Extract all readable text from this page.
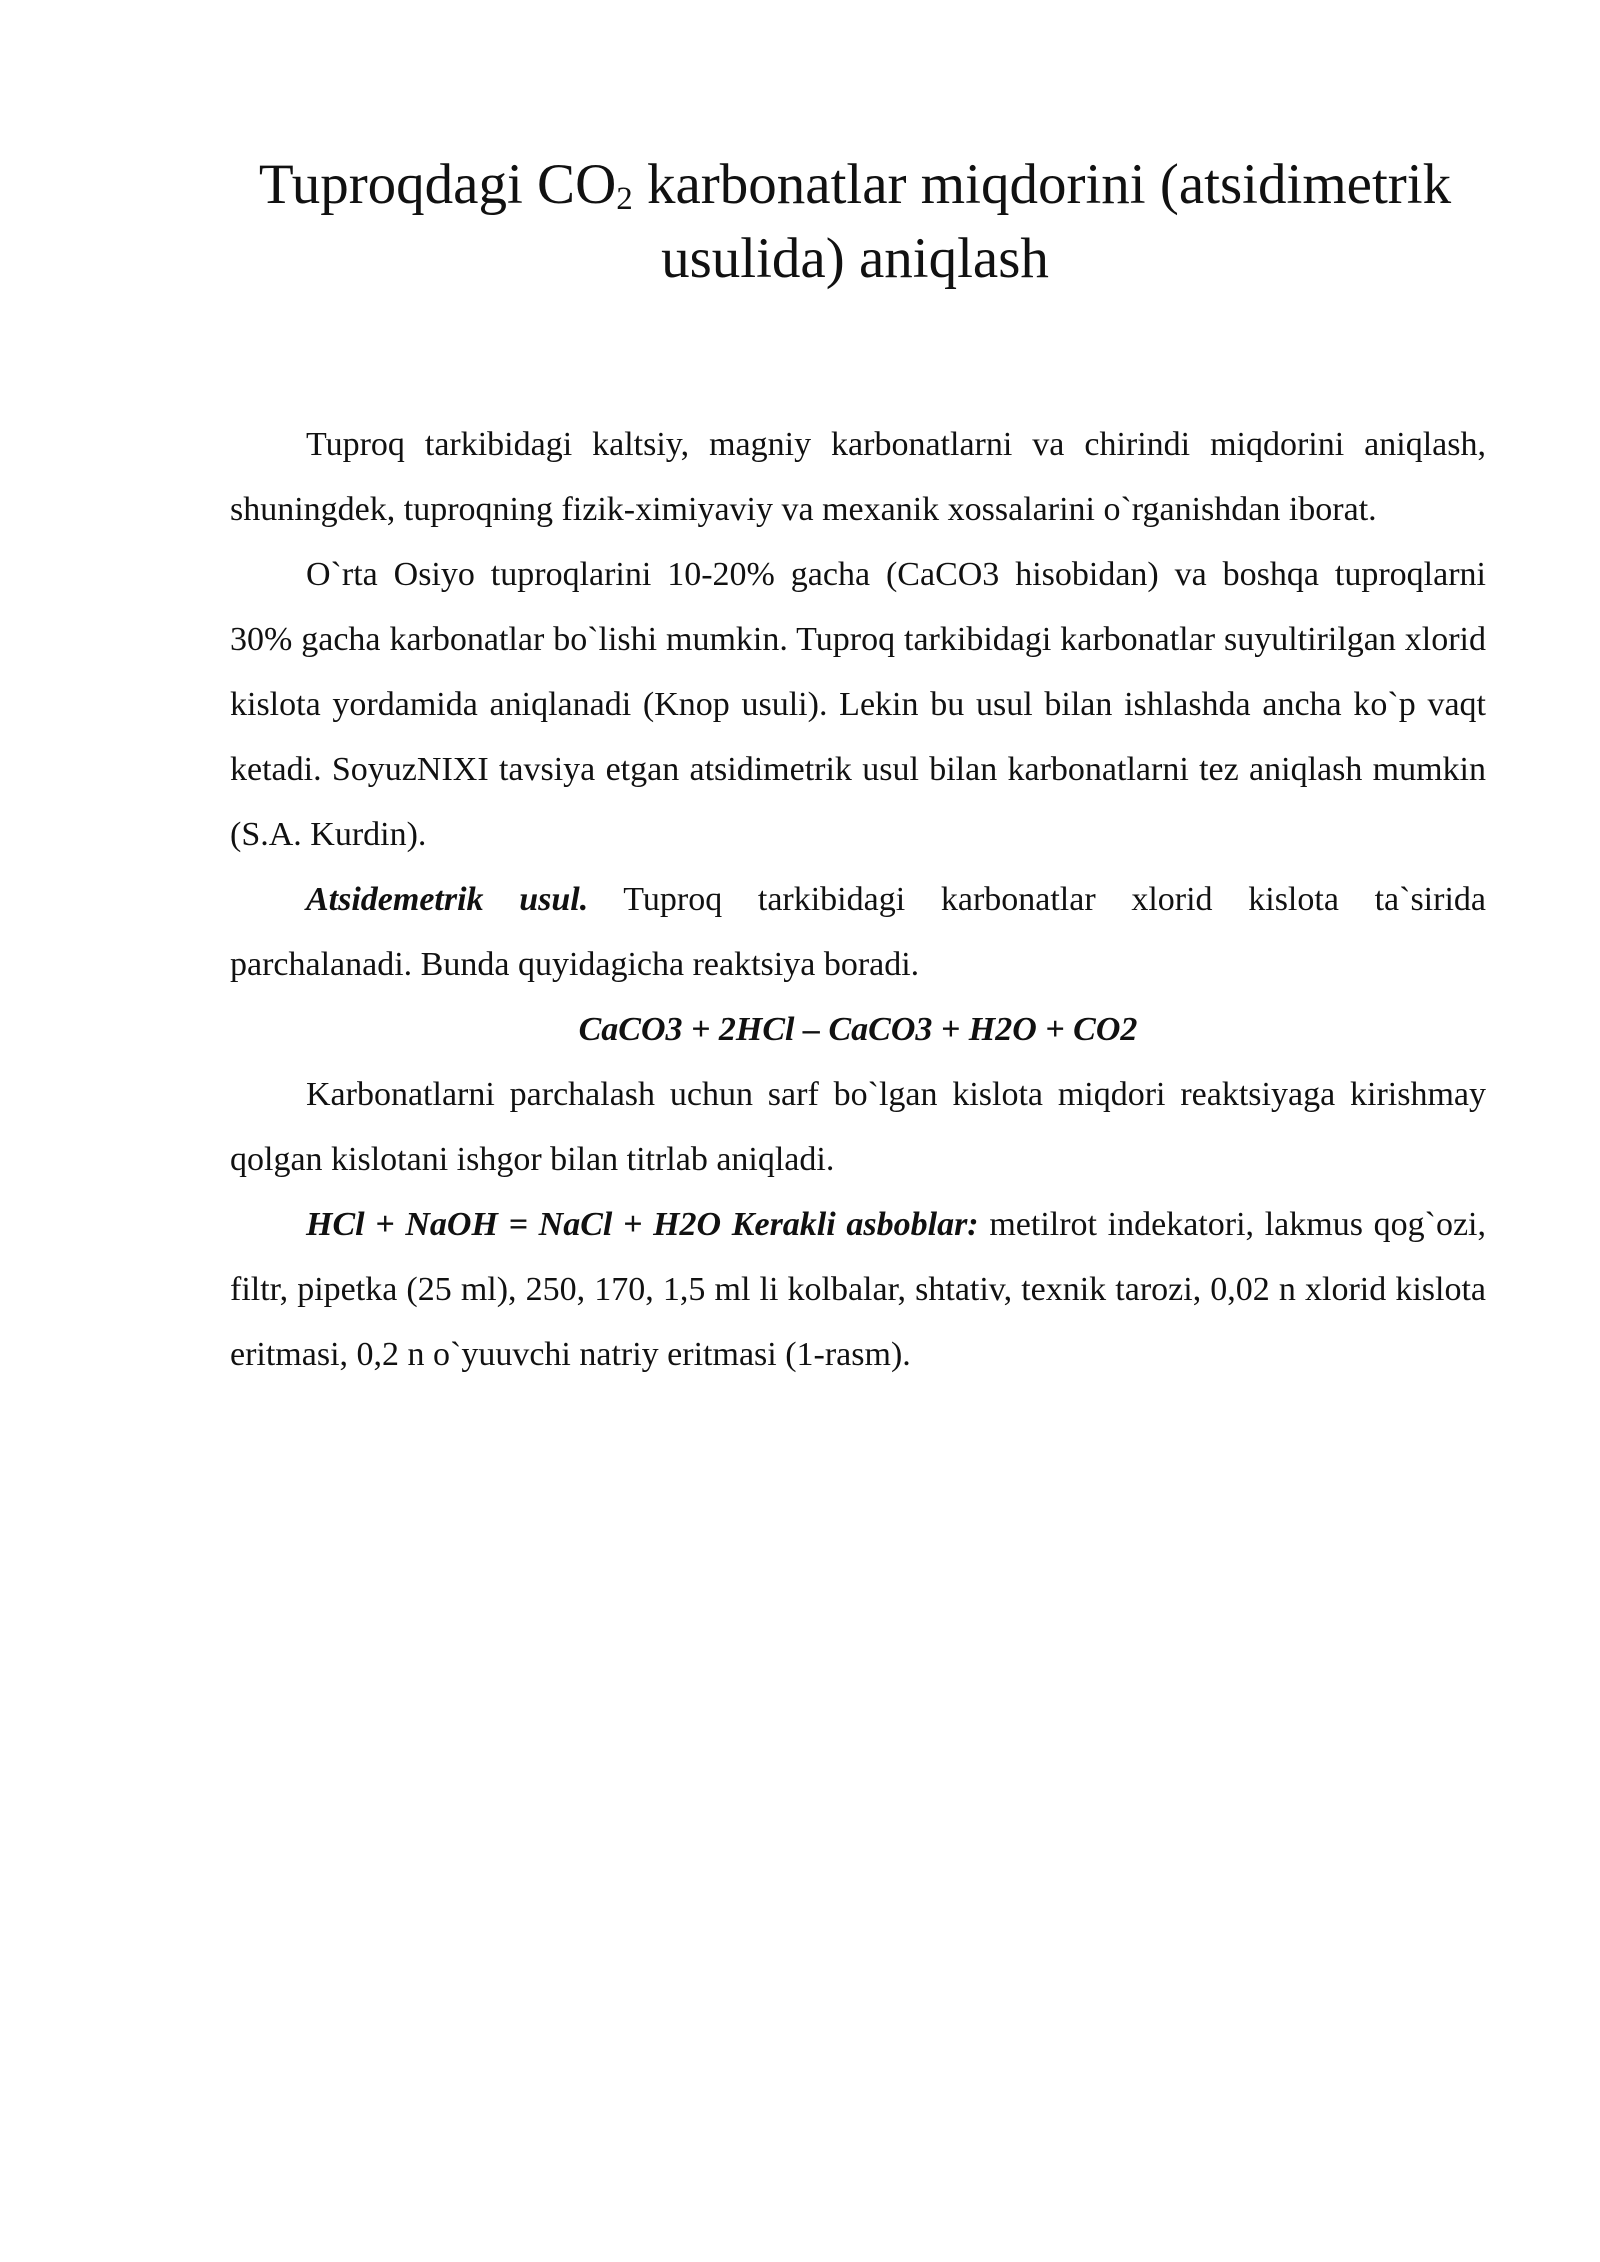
Tuproqdagi $CO_2$ karbonatlar miqdorini (atsidimetrik usulida) aniqlash

Tuproq tarkibidagi kaltsiy, magniy karbonatlarni va chirindi miqdorini aniqlash, shuningdek, tuproqning fizik-ximiyaviy va mexanik xossalarini o`rganishdan iborat.

O`rta Osiyo tuproqlarini 10-20% gacha (CaCO3 hisobidan) va boshqa tuproqlarni 30% gacha karbonatlar bo`lishi mumkin. Tuproq tarkibidagi karbonatlar suyultirilgan xlorid kislota yordamida aniqlanadi (Knop usuli). Lekin bu usul bilan ishlashda ancha ko`p vaqt ketadi. SoyuzNIXI tavsiya etgan atsidimetrik usul bilan karbonatlarni tez aniqlash mumkin (S.A. Kurdin).

Atsidemetrik usul. Tuproq tarkibidagi karbonatlar xlorid kislota ta`sirida parchalanadi. Bunda quyidagicha reaktsiya boradi.

CaCO3 + 2HCl – CaCO3 + H2O + CO2

Karbonatlarni parchalash uchun sarf bo`lgan kislota miqdori reaktsiyaga kirishmay qolgan kislotani ishgor bilan titrlab aniqladi.

HCl + NaOH = NaCl + H2O Kerakli asboblar: metilrot indekatori, lakmus qog`ozi, filtr, pipetka (25 ml), 250, 170, 1,5 ml li kolbalar, shtativ, texnik tarozi, 0,02 n xlorid kislota eritmasi, 0,2 n o`yuuvchi natriy eritmasi (1-rasm).
